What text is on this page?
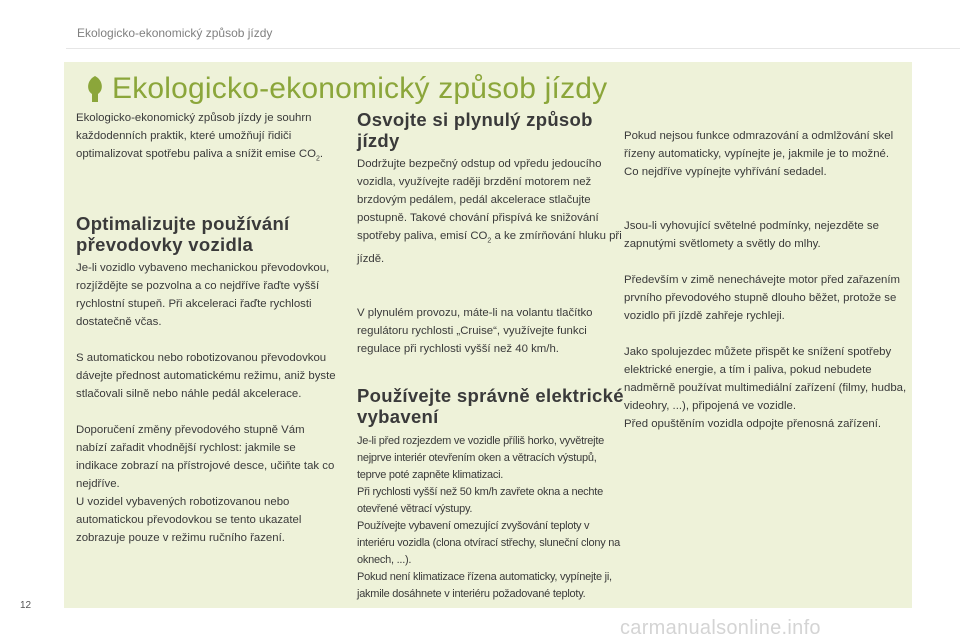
Ekologicko-ekonomický způsob jízdy
Ekologicko-ekonomický způsob jízdy

Ekologicko-ekonomický způsob jízdy je souhrn každodenních praktik, které umožňují řidiči optimalizovat spotřebu paliva a snížit emise $CO_2$.

Optimalizujte používání převodovky vozidla

Je-li vozidlo vybaveno mechanickou převodovkou, rozjíždějte se pozvolna a co nejdříve řaďte vyšší rychlostní stupeň. Při akceleraci řaďte rychlosti dostatečně včas.

S automatickou nebo robotizovanou převodovkou dávejte přednost automatickému režimu, aniž byste stlačovali silně nebo náhle pedál akcelerace.

Doporučení změny převodového stupně Vám nabízí zařadit vhodnější rychlost: jakmile se indikace zobrazí na přístrojové desce, učiňte tak co nejdříve.

U vozidel vybavených robotizovanou nebo automatickou převodovkou se tento ukazatel zobrazuje pouze v režimu ručního řazení.

Osvojte si plynulý způsob jízdy

Dodržujte bezpečný odstup od vpředu jedoucího vozidla, využívejte raději brzdění motorem než brzdovým pedálem, pedál akcelerace stlačujte postupně. Takové chování přispívá ke snižování spotřeby paliva, emisí $CO_2$ a ke zmírňování hluku při jízdě.

V plynulém provozu, máte-li na volantu tlačítko regulátoru rychlosti „Cruise“, využívejte funkci regulace při rychlosti vyšší než 40 km/h.

Používejte správně elektrické vybavení

Je-li před rozjezdem ve vozidle příliš horko, vyvětrejte nejprve interiér otevřením oken a větracích výstupů, teprve poté zapněte klimatizaci.

Při rychlosti vyšší než 50 km/h zavřete okna a nechte otevřené větrací výstupy.

Používejte vybavení omezující zvyšování teploty v interiéru vozidla (clona otvírací střechy, sluneční clony na oknech, ...).

Pokud není klimatizace řízena automaticky, vypínejte ji, jakmile dosáhnete v interiéru požadované teploty.

Pokud nejsou funkce odmrazování a odmlžování skel řízeny automaticky, vypínejte je, jakmile je to možné.

Co nejdříve vypínejte vyhřívání sedadel.

Jsou-li vyhovující světelné podmínky, nejezděte se zapnutými světlomety a světly do mlhy.

Především v zimě nenechávejte motor před zařazením prvního převodového stupně dlouho běžet, protože se vozidlo při jízdě zahřeje rychleji.

Jako spolujezdec můžete přispět ke snížení spotřeby elektrické energie, a tím i paliva, pokud nebudete nadměrně používat multimediální zařízení (filmy, hudba, videohry, ...), připojená ve vozidle.

Před opuštěním vozidla odpojte přenosná zařízení.

12
carmanualsonline.info
